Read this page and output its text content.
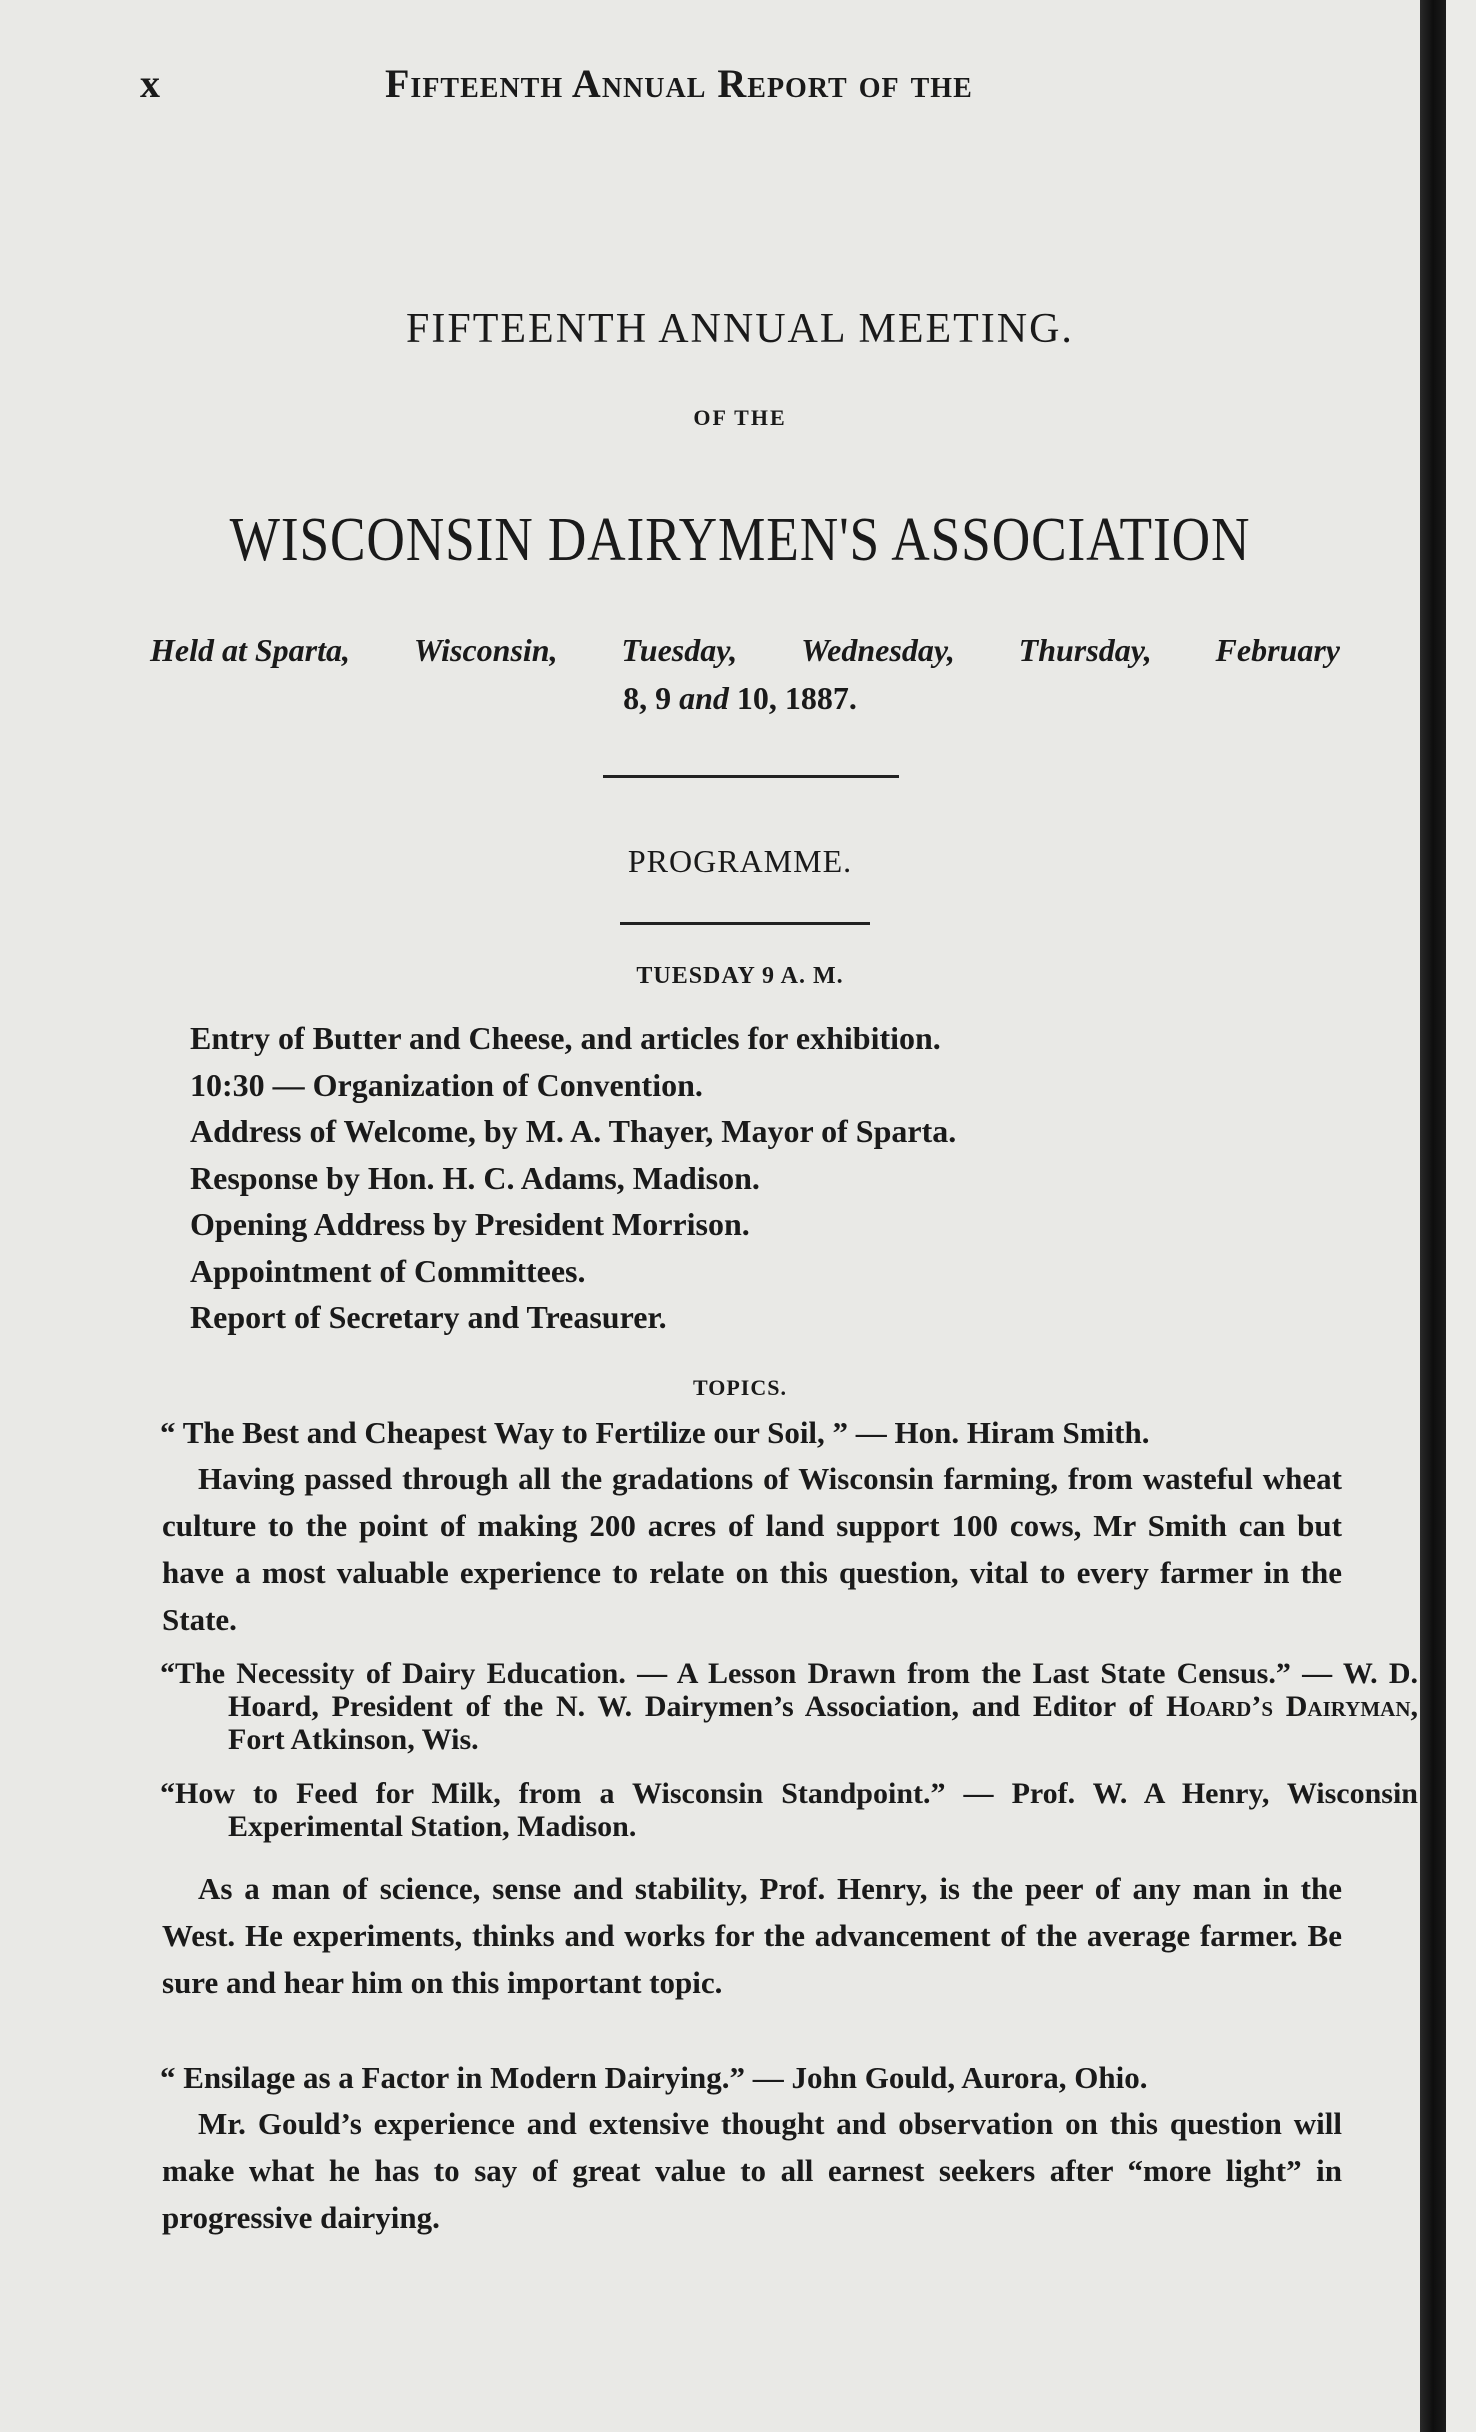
x	Fifteenth Annual Report of the
FIFTEENTH ANNUAL MEETING.
OF THE
WISCONSIN DAIRYMEN'S ASSOCIATION
Held at Sparta, Wisconsin, Tuesday, Wednesday, Thursday, February
8, 9 and 10, 1887.
PROGRAMME.
TUESDAY 9 A. M.
Entry of Butter and Cheese, and articles for exhibition.
10:30 — Organization of Convention.
Address of Welcome, by M. A. Thayer, Mayor of Sparta.
Response by Hon. H. C. Adams, Madison.
Opening Address by President Morrison.
Appointment of Committees.
Report of Secretary and Treasurer.
TOPICS.
“ The Best and Cheapest Way to Fertilize our Soil, ” — Hon. Hiram Smith.
Having passed through all the gradations of Wisconsin farming, from wasteful wheat culture to the point of making 200 acres of land support 100 cows, Mr Smith can but have a most valuable experience to relate on this question, vital to every farmer in the State.
“The Necessity of Dairy Education. — A Lesson Drawn from the Last State Census.” — W. D. Hoard, President of the N. W. Dairymen’s Association, and Editor of Hoard’s Dairyman, Fort Atkinson, Wis.
“How to Feed for Milk, from a Wisconsin Standpoint.” — Prof. W. A Henry, Wisconsin Experimental Station, Madison.
As a man of science, sense and stability, Prof. Henry, is the peer of any man in the West. He experiments, thinks and works for the advancement of the average farmer. Be sure and hear him on this important topic.
“ Ensilage as a Factor in Modern Dairying.” — John Gould, Aurora, Ohio.
Mr. Gould’s experience and extensive thought and observation on this question will make what he has to say of great value to all earnest seekers after “more light” in progressive dairying.
